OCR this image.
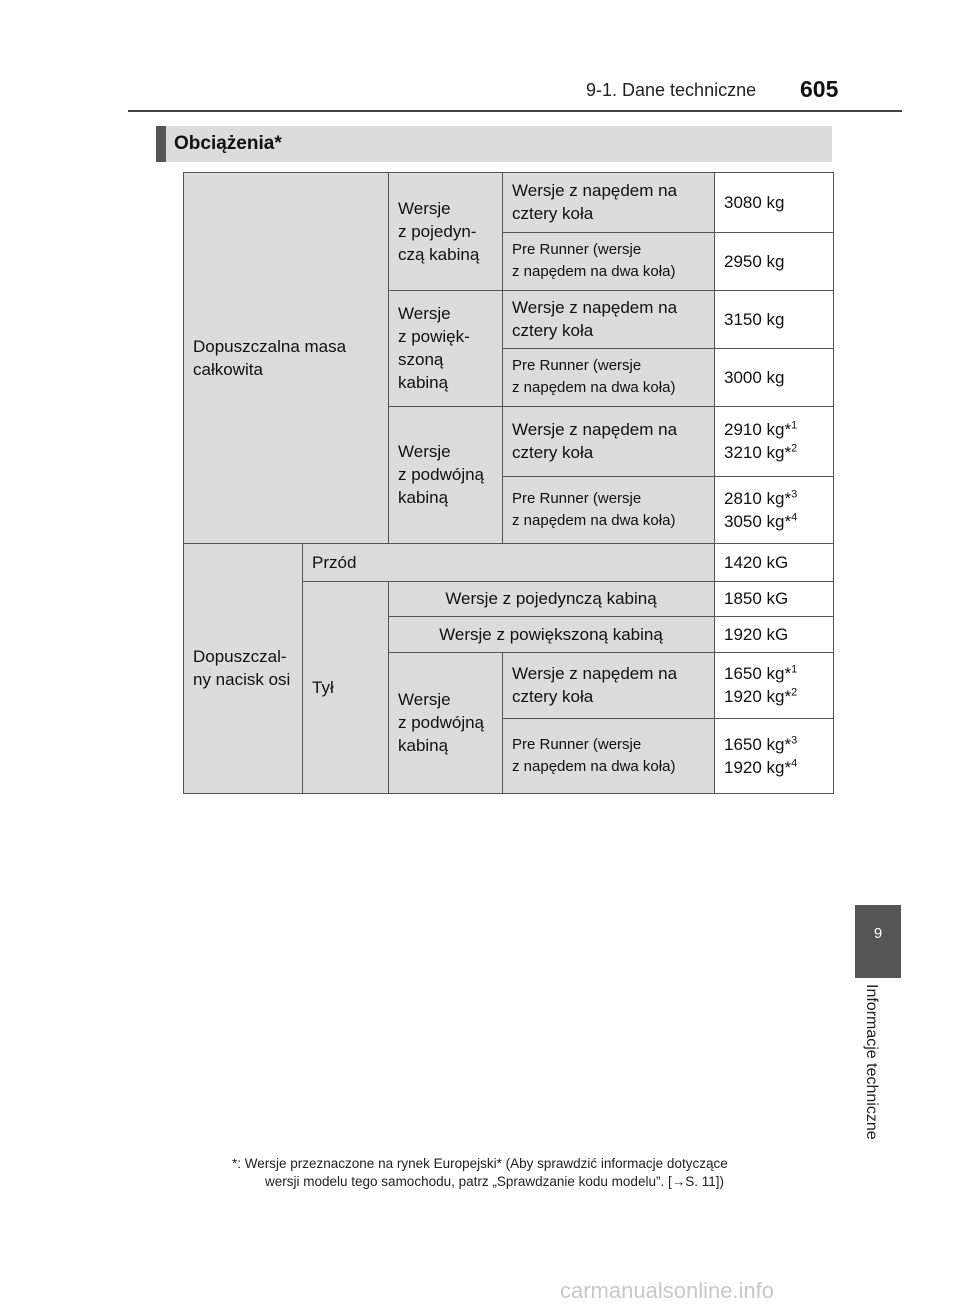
9-1. Dane techniczne 605
Obciążenia*
Dopuszczalna masa
całkowita
Wersje
z pojedyn-
czą kabiną
Wersje
z powięk-
szoną
kabiną
Wersje
z podwójną
kabiną
Wersje z napędem na
cztery koła
Pre Runner (wersje
z napędem na dwa koła)
Wersje z napędem na
cztery koła
Pre Runner (wersje
z napędem na dwa koła)
Wersje z napędem na
cztery koła
Pre Runner (wersje
z napędem na dwa koła)
3080 kg
2950 kg
3150 kg
3000 kg
2910 kg*$^1$
3210 kg*$^2$
2810 kg*$^3$
3050 kg*$^4$
Dopuszczal-
ny nacisk osi
Przód
Tył
Wersje z pojedynczą kabiną
Wersje z powiększoną kabiną
Wersje
z podwójną
kabiną
Wersje z napędem na
cztery koła
Pre Runner (wersje
z napędem na dwa koła)
1420 kG
1850 kG
1920 kG
1650 kg*$^1$
1920 kg*$^2$
1650 kg*$^3$
1920 kg*$^4$
9
Informacje techniczne
*: Wersje przeznaczone na rynek Europejski* (Aby sprawdzić informacje dotyczące
wersji modelu tego samochodu, patrz „Sprawdzanie kodu modelu”. [→S. 11])
carmanualsonline.info
